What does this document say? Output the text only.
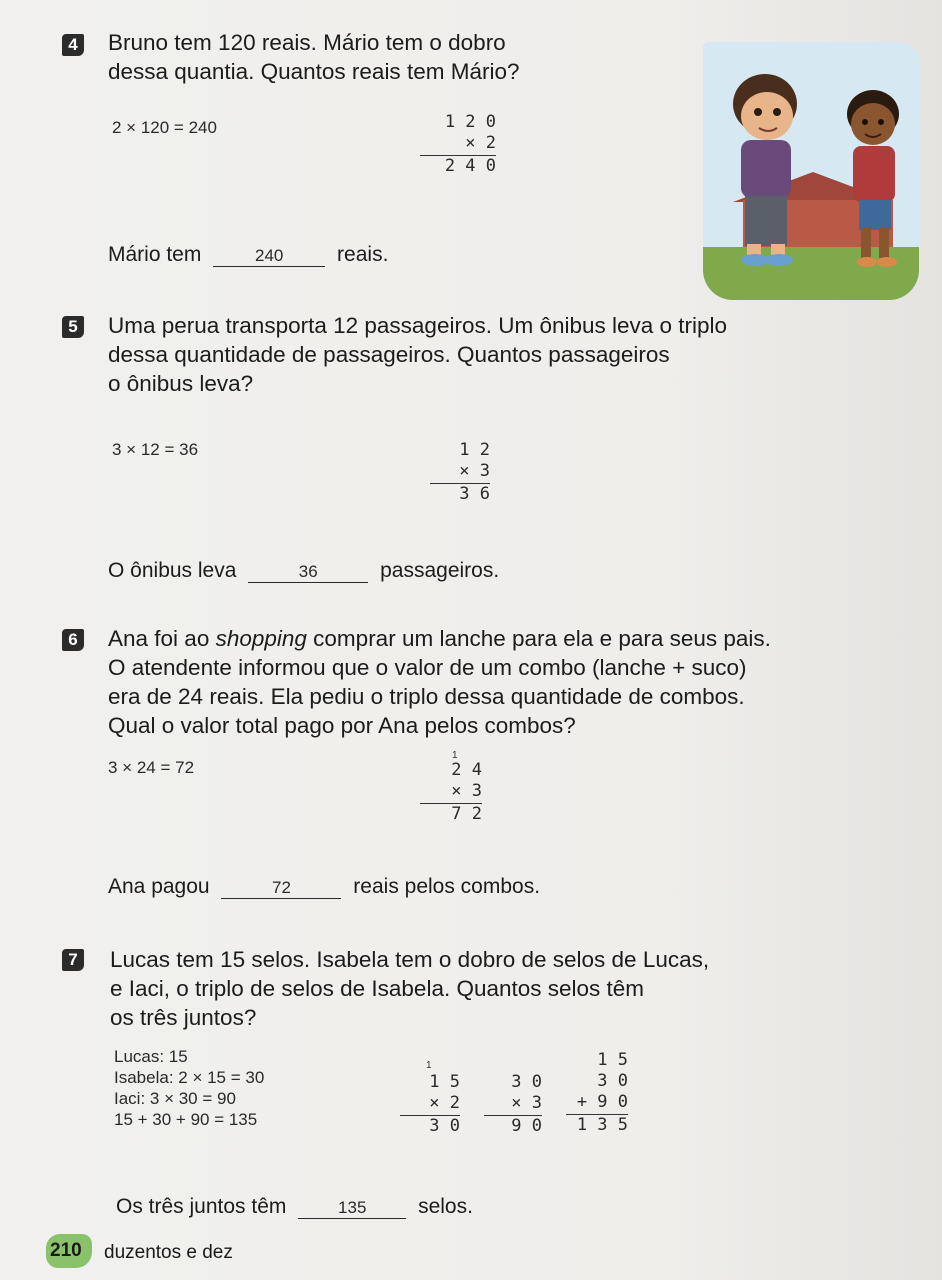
4 Bruno tem 120 reais. Mário tem o dobro
dessa quantia. Quantos reais tem Mário?
2 × 120 = 240	1 2 0
× 2
2 4 0
Mário tem	240	reais.
5 Uma perua transporta 12 passageiros. Um ônibus leva o triplo
dessa quantidade de passageiros. Quantos passageiros
o ônibus leva?
3 × 12 = 36	1 2
× 3
3 6
O ônibus leva	36	passageiros.
6 Ana foi ao shopping comprar um lanche para ela e para seus pais.
O atendente informou que o valor de um combo (lanche + suco)
era de 24 reais. Ela pediu o triplo dessa quantidade de combos.
Qual o valor total pago por Ana pelos combos?
3 × 24 = 72
1
2 4
× 3
7 2
Ana pagou	72	reais pelos combos.
7 Lucas tem 15 selos. Isabela tem o dobro de selos de Lucas,
e Iaci, o triplo de selos de Isabela. Quantos selos têm
os três juntos?
Lucas: 15
Isabela: 2 × 15 = 30
Iaci: 3 × 30 = 90
15 + 30 + 90 = 135
1
1 5
× 2
3 0
3 0
× 3
9 0
1 5
3 0
+ 9 0
1 3 5
Os três juntos têm	135 selos.
210 duzentos e dez
